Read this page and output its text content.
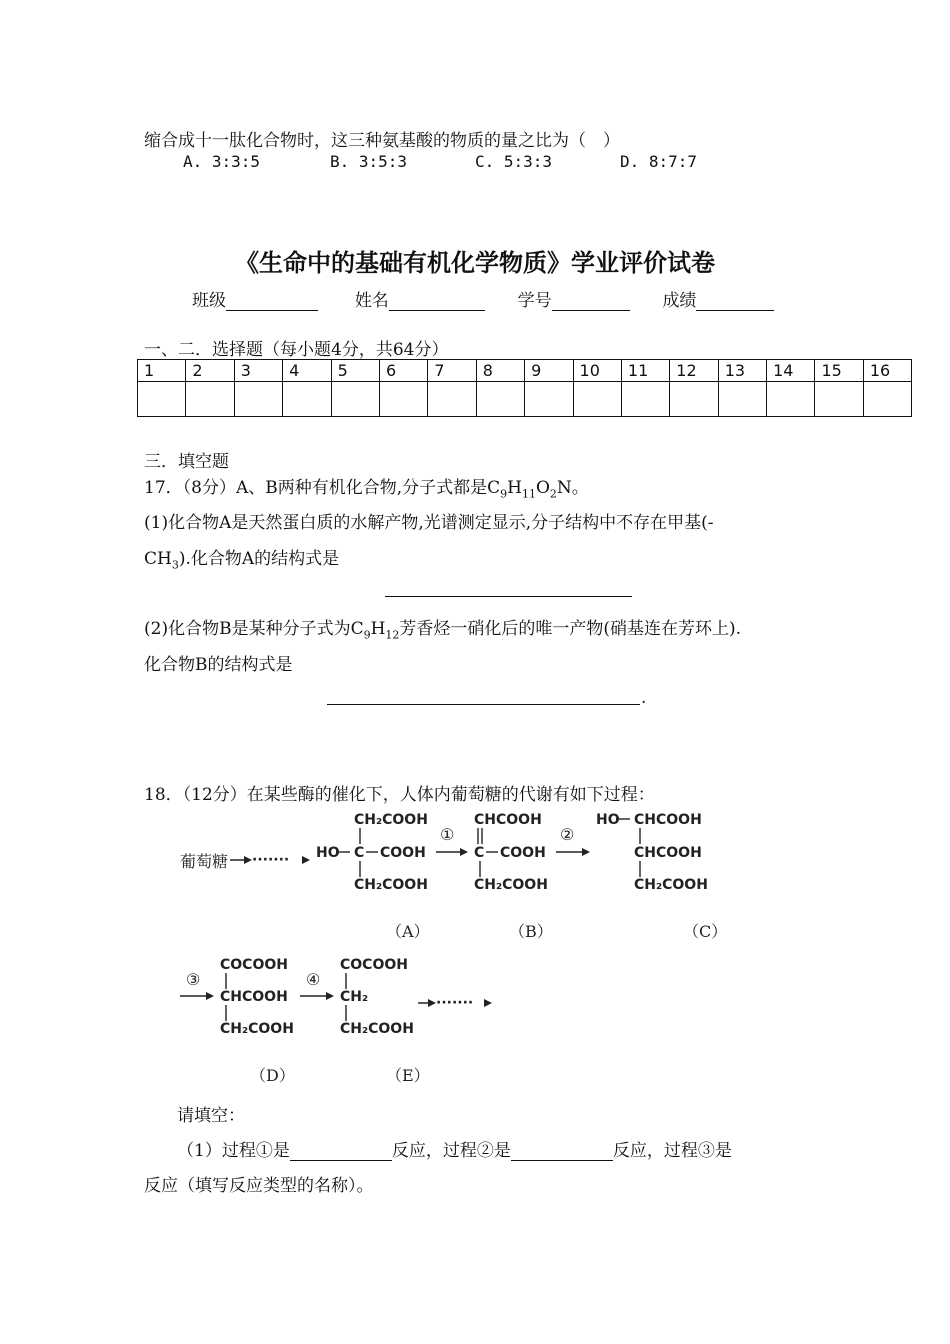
缩合成十一肽化合物时，这三种氨基酸的物质的量之比为（　）
A. 3:3:5	B. 3:5:3	C. 5:3:3	D. 8:7:7
《生命中的基础有机化学物质》学业评价试卷
班级	姓名	学号	成绩
一、二．选择题（每小题4分，共64分）
1	2	3	4	5	6	7	8	9	10	11	12	13	14	15	16

三．填空题
17．（8分）A、B两种有机化合物,分子式都是$C_9H_{11}O_2N$。
(1)化合物A是天然蛋白质的水解产物,光谱测定显示,分子结构中不存在甲基(-
$CH_3$).化合物A的结构式是
(2)化合物B是某种分子式为$C_9H_{12}$芳香烃一硝化后的唯一产物(硝基连在芳环上).
化合物B的结构式是
.
18．（12分）在某些酶的催化下，人体内葡萄糖的代谢有如下过程：
葡萄糖 ·······
CH₂COOH
HO C COOH
CH₂COOH
①
CHCOOH
C COOH
CH₂COOH
②
HO CHCOOH
CHCOOH
CH₂COOH
（A）	（B）	（C）
③
COCOOH
CHCOOH
CH₂COOH
④
COCOOH
CH₂
CH₂COOH
·······
（D）	（E）
请填空：
（1）过程①是	反应，过程②是	反应，过程③是
反应（填写反应类型的名称）。
